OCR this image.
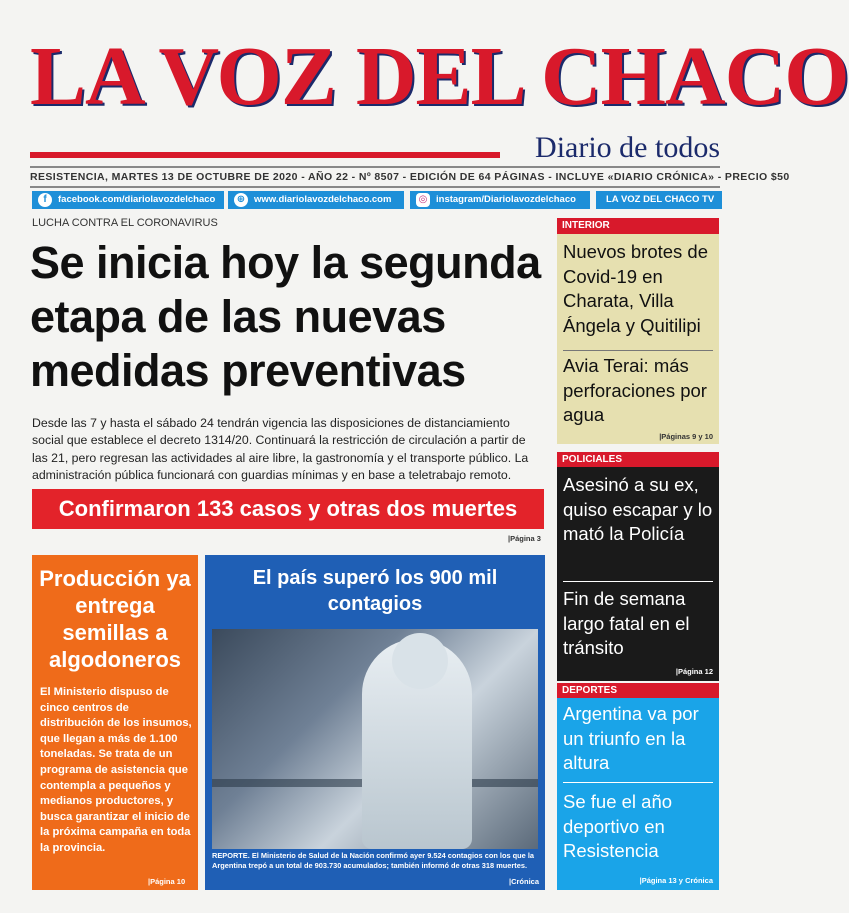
LA VOZ DEL CHACO
Diario de todos
RESISTENCIA, MARTES 13 DE OCTUBRE DE 2020 - AÑO 22 - Nº 8507 - EDICIÓN DE 64 PÁGINAS - INCLUYE «DIARIO CRÓNICA» - PRECIO $50
f	facebook.com/diariolavozdelchaco	⊕ www.diariolavozdelchaco.com	◎ instagram/Diariolavozdelchaco	LA VOZ DEL CHACO TV
LUCHA CONTRA EL CORONAVIRUS
Se inicia hoy la segunda etapa de las nuevas medidas preventivas

Desde las 7 y hasta el sábado 24 tendrán vigencia las disposiciones de distanciamiento social que establece el decreto 1314/20. Continuará la restricción de circulación a partir de las 21, pero regresan las actividades al aire libre, la gastronomía y el transporte público. La administración pública funcionará con guardias mínimas y en base a teletrabajo remoto.

Confirmaron 133 casos y otras dos muertes
|Página 3
Producción ya entrega semillas a algodoneros
El Ministerio dispuso de cinco centros de distribución de los insumos, que llegan a más de 1.100 toneladas. Se trata de un programa de asistencia que contempla a pequeños y medianos productores, y busca garantizar el inicio de la próxima campaña en toda la provincia.
|Página 10
El país superó los 900 mil contagios
REPORTE. El Ministerio de Salud de la Nación confirmó ayer 9.524 contagios con los que la Argentina trepó a un total de 903.730 acumulados; también informó de otras 318 muertes.
|Crónica
INTERIOR
Nuevos brotes de Covid-19 en Charata, Villa Ángela y Quitilipi
Avia Terai: más perforaciones por agua
|Páginas 9 y 10
POLICIALES
Asesinó a su ex, quiso escapar y lo mató la Policía
Fin de semana largo fatal en el tránsito
|Página 12
DEPORTES
Argentina va por un triunfo en la altura
Se fue el año deportivo en Resistencia
|Página 13 y Crónica
